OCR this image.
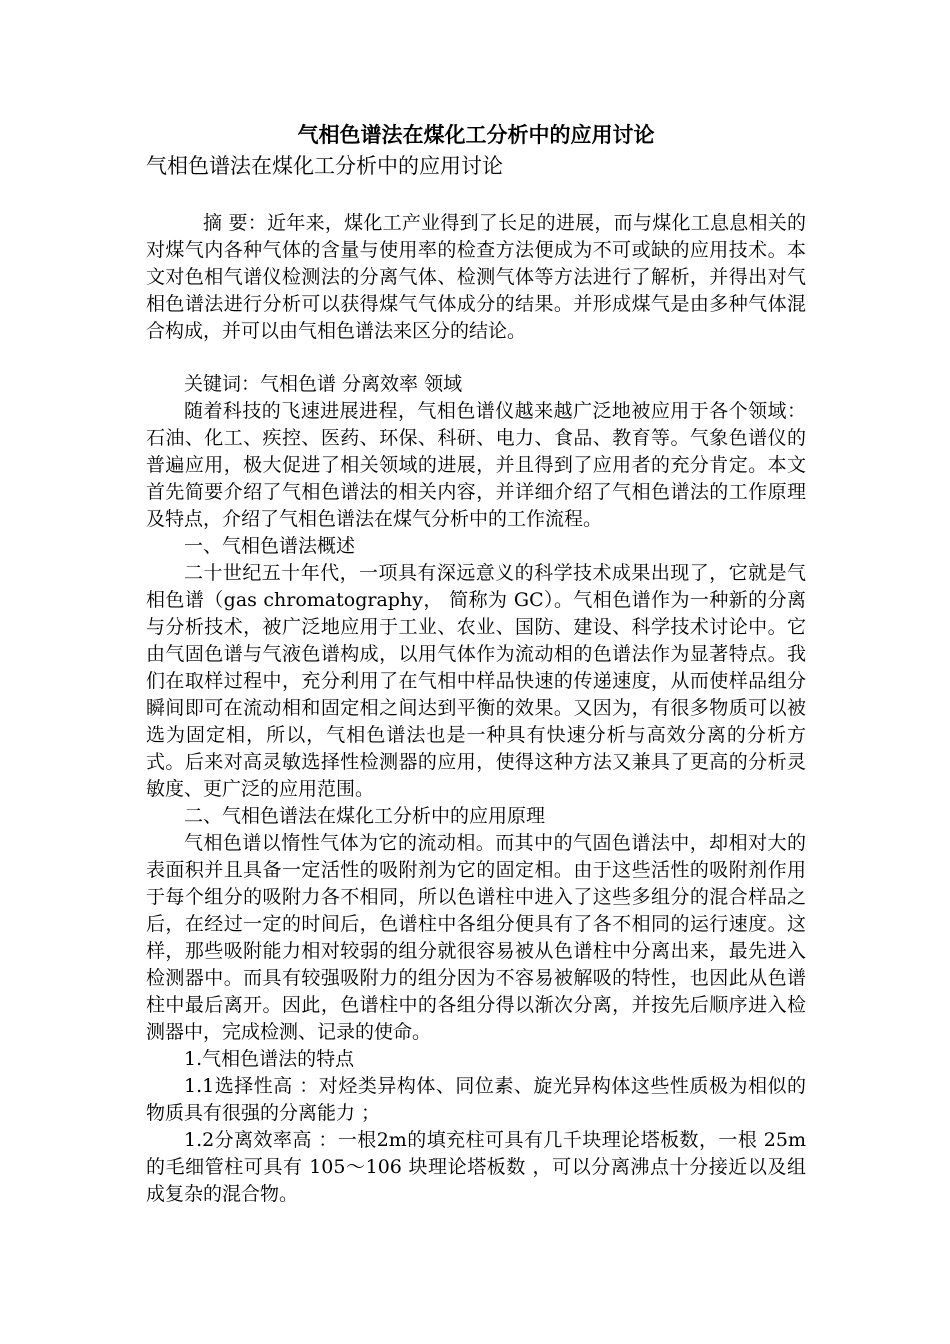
气相色谱法在煤化工分析中的应用讨论
气相色谱法在煤化工分析中的应用讨论

摘 要：近年来，煤化工产业得到了长足的进展，而与煤化工息息相关的对煤气内各种气体的含量与使用率的检查方法便成为不可或缺的应用技术。本文对色相气谱仪检测法的分离气体、检测气体等方法进行了解析，并得出对气相色谱法进行分析可以获得煤气气体成分的结果。并形成煤气是由多种气体混合构成，并可以由气相色谱法来区分的结论。

关键词：气相色谱 分离效率 领域

随着科技的飞速进展进程，气相色谱仪越来越广泛地被应用于各个领域：石油、化工、疾控、医药、环保、科研、电力、食品、教育等。气象色谱仪的普遍应用，极大促进了相关领域的进展，并且得到了应用者的充分肯定。本文首先简要介绍了气相色谱法的相关内容，并详细介绍了气相色谱法的工作原理及特点，介绍了气相色谱法在煤气分析中的工作流程。

一、气相色谱法概述

二十世纪五十年代，一项具有深远意义的科学技术成果出现了，它就是气相色谱（gas chromatography， 简称为 GC）。气相色谱作为一种新的分离与分析技术，被广泛地应用于工业、农业、国防、建设、科学技术讨论中。它由气固色谱与气液色谱构成，以用气体作为流动相的色谱法作为显著特点。我们在取样过程中，充分利用了在气相中样品快速的传递速度，从而使样品组分瞬间即可在流动相和固定相之间达到平衡的效果。又因为，有很多物质可以被选为固定相，所以，气相色谱法也是一种具有快速分析与高效分离的分析方式。后来对高灵敏选择性检测器的应用，使得这种方法又兼具了更高的分析灵敏度、更广泛的应用范围。

二、气相色谱法在煤化工分析中的应用原理

气相色谱以惰性气体为它的流动相。而其中的气固色谱法中，却相对大的表面积并且具备一定活性的吸附剂为它的固定相。由于这些活性的吸附剂作用于每个组分的吸附力各不相同，所以色谱柱中进入了这些多组分的混合样品之后，在经过一定的时间后，色谱柱中各组分便具有了各不相同的运行速度。这样，那些吸附能力相对较弱的组分就很容易被从色谱柱中分离出来，最先进入检测器中。而具有较强吸附力的组分因为不容易被解吸的特性，也因此从色谱柱中最后离开。因此，色谱柱中的各组分得以渐次分离，并按先后顺序进入检测器中，完成检测、记录的使命。

1.气相色谱法的特点

1.1选择性高 ：对烃类异构体、同位素、旋光异构体这些性质极为相似的物质具有很强的分离能力 ；

1.2分离效率高 ：一根2m的填充柱可具有几千块理论塔板数，一根 25m 的毛细管柱可具有 105～106 块理论塔板数 ，可以分离沸点十分接近以及组成复杂的混合物。
